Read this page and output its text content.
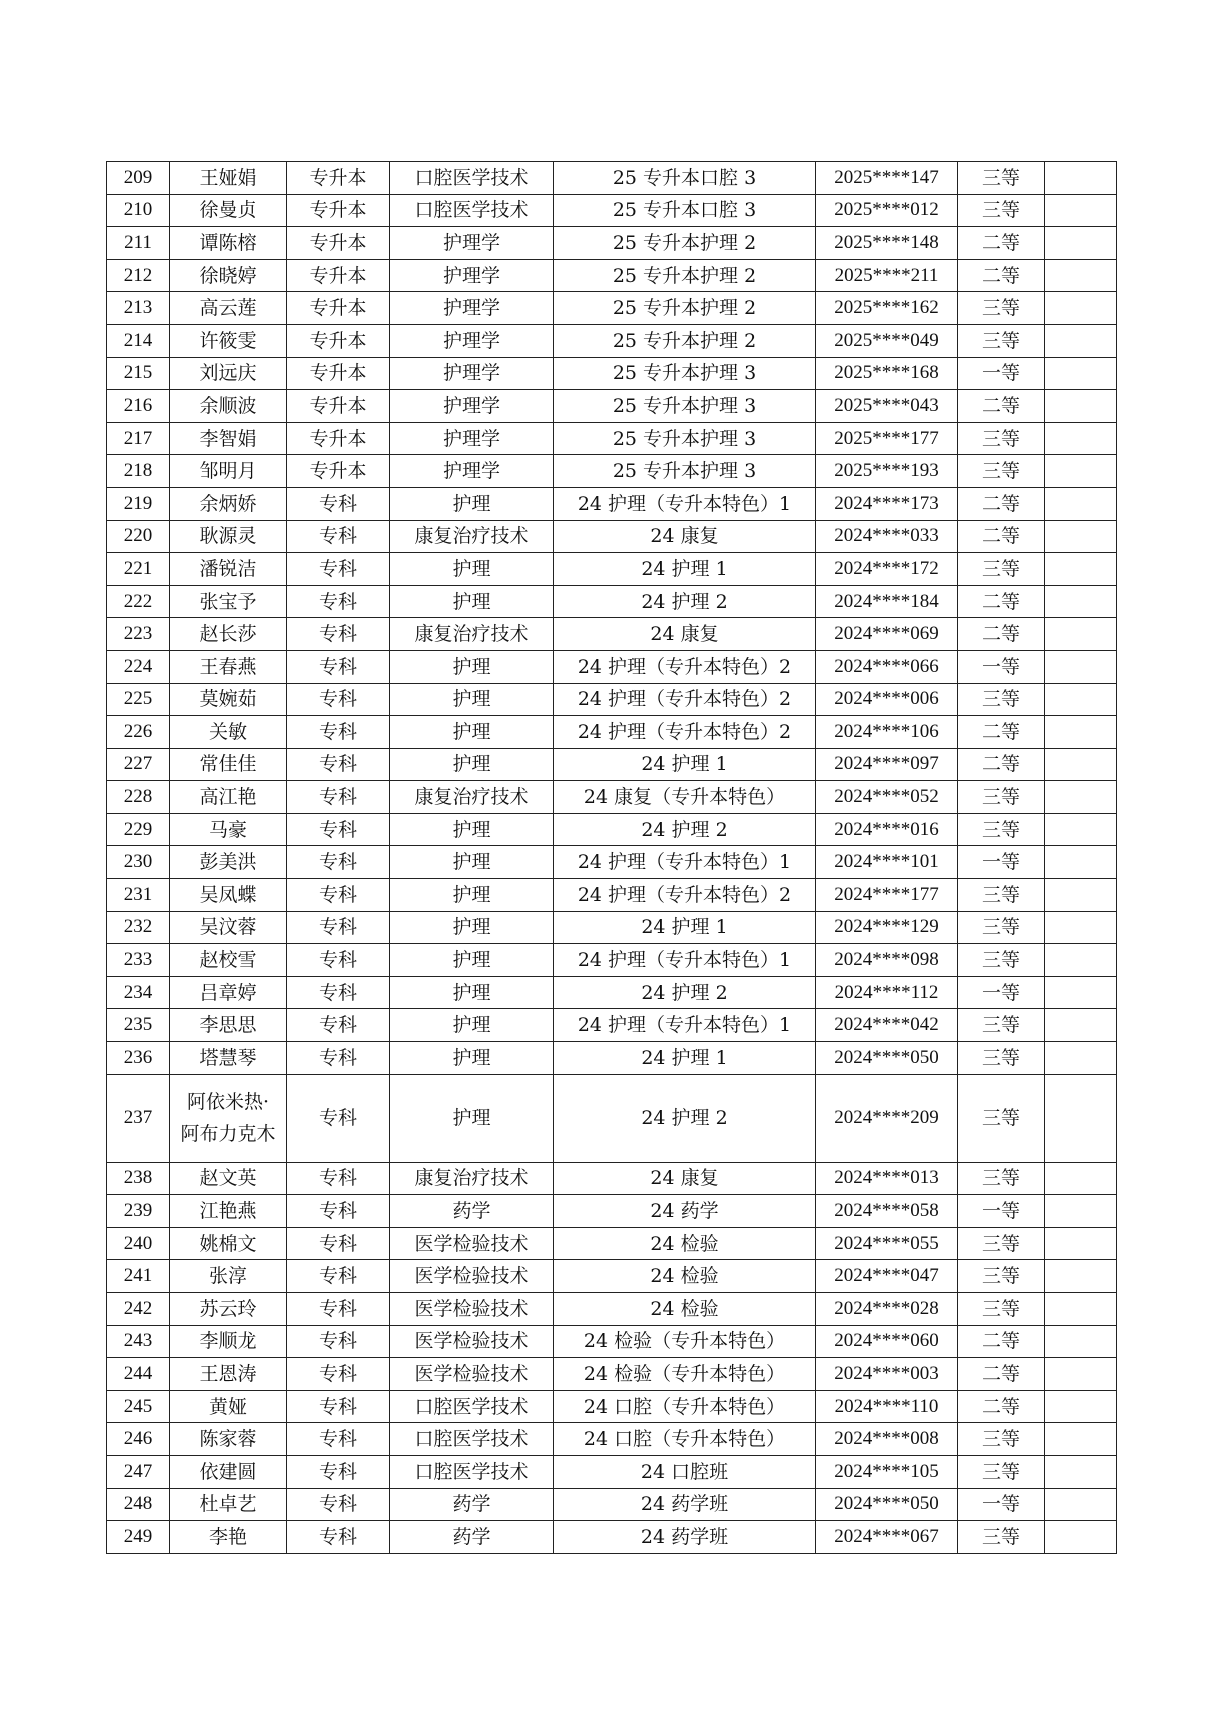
209	王娅娟	专升本	口腔医学技术	25 专升本口腔 3	2025****147	三等	
210	徐曼贞	专升本	口腔医学技术	25 专升本口腔 3	2025****012	三等	
211	谭陈榕	专升本	护理学	25 专升本护理 2	2025****148	二等	
212	徐晓婷	专升本	护理学	25 专升本护理 2	2025****211	二等	
213	高云莲	专升本	护理学	25 专升本护理 2	2025****162	三等	
214	许筱雯	专升本	护理学	25 专升本护理 2	2025****049	三等	
215	刘远庆	专升本	护理学	25 专升本护理 3	2025****168	一等	
216	余顺波	专升本	护理学	25 专升本护理 3	2025****043	二等	
217	李智娟	专升本	护理学	25 专升本护理 3	2025****177	三等	
218	邹明月	专升本	护理学	25 专升本护理 3	2025****193	三等	
219	余炳娇	专科	护理	24 护理（专升本特色）1	2024****173	二等	
220	耿源灵	专科	康复治疗技术	24 康复	2024****033	二等	
221	潘锐洁	专科	护理	24 护理 1	2024****172	三等	
222	张宝予	专科	护理	24 护理 2	2024****184	二等	
223	赵长莎	专科	康复治疗技术	24 康复	2024****069	二等	
224	王春燕	专科	护理	24 护理（专升本特色）2	2024****066	一等	
225	莫婉茹	专科	护理	24 护理（专升本特色）2	2024****006	三等	
226	关敏	专科	护理	24 护理（专升本特色）2	2024****106	二等	
227	常佳佳	专科	护理	24 护理 1	2024****097	二等	
228	高江艳	专科	康复治疗技术	24 康复（专升本特色）	2024****052	三等	
229	马豪	专科	护理	24 护理 2	2024****016	三等	
230	彭美洪	专科	护理	24 护理（专升本特色）1	2024****101	一等	
231	吴凤蝶	专科	护理	24 护理（专升本特色）2	2024****177	三等	
232	吴汶蓉	专科	护理	24 护理 1	2024****129	三等	
233	赵校雪	专科	护理	24 护理（专升本特色）1	2024****098	三等	
234	吕章婷	专科	护理	24 护理 2	2024****112	一等	
235	李思思	专科	护理	24 护理（专升本特色）1	2024****042	三等	
236	塔慧琴	专科	护理	24 护理 1	2024****050	三等	
237	阿依米热·阿布力克木	专科	护理	24 护理 2	2024****209	三等	
238	赵文英	专科	康复治疗技术	24 康复	2024****013	三等	
239	江艳燕	专科	药学	24 药学	2024****058	一等	
240	姚棉文	专科	医学检验技术	24 检验	2024****055	三等	
241	张淳	专科	医学检验技术	24 检验	2024****047	三等	
242	苏云玲	专科	医学检验技术	24 检验	2024****028	三等	
243	李顺龙	专科	医学检验技术	24 检验（专升本特色）	2024****060	二等	
244	王恩涛	专科	医学检验技术	24 检验（专升本特色）	2024****003	二等	
245	黄娅	专科	口腔医学技术	24 口腔（专升本特色）	2024****110	二等	
246	陈家蓉	专科	口腔医学技术	24 口腔（专升本特色）	2024****008	三等	
247	依建圆	专科	口腔医学技术	24 口腔班	2024****105	三等	
248	杜卓艺	专科	药学	24 药学班	2024****050	一等	
249	李艳	专科	药学	24 药学班	2024****067	三等	
